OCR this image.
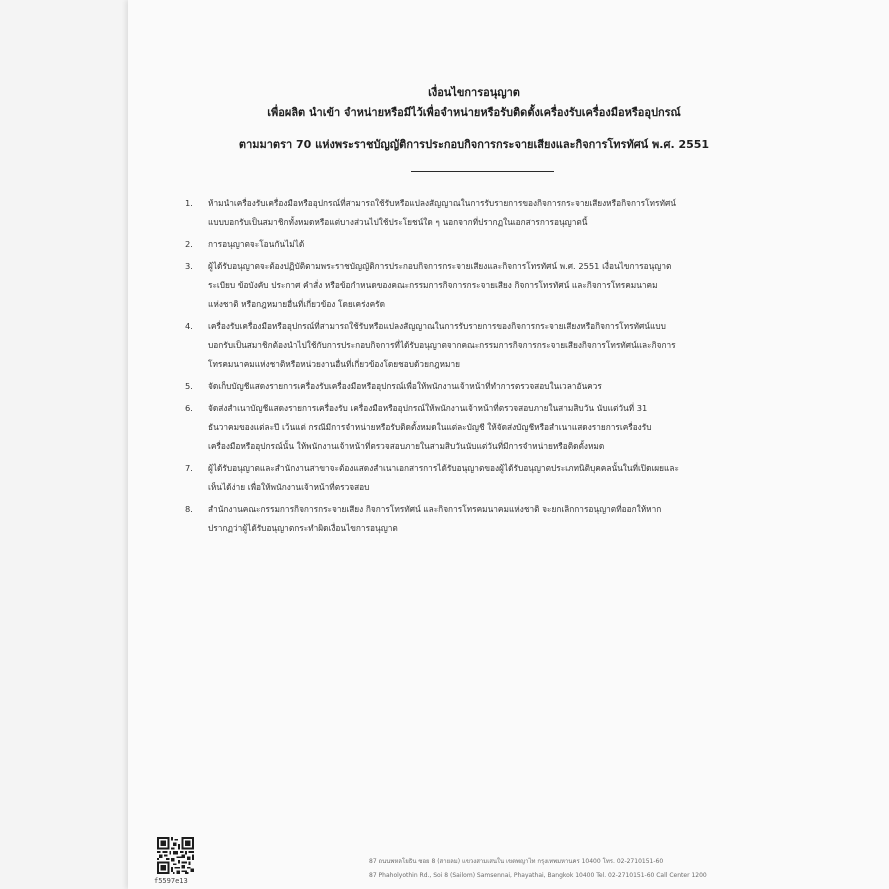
เงื่อนไขการอนุญาต
เพื่อผลิต นำเข้า จำหน่ายหรือมีไว้เพื่อจำหน่ายหรือรับติดตั้งเครื่องรับเครื่องมือหรืออุปกรณ์
ตามมาตรา 70 แห่งพระราชบัญญัติการประกอบกิจการกระจายเสียงและกิจการโทรทัศน์ พ.ศ. 2551
1. ห้ามนำเครื่องรับเครื่องมือหรืออุปกรณ์ที่สามารถใช้รับหรือแปลงสัญญาณในการรับรายการของกิจการกระจายเสียงหรือกิจการโทรทัศน์
แบบบอกรับเป็นสมาชิกทั้งหมดหรือแต่บางส่วนไปใช้ประโยชน์ใด ๆ นอกจากที่ปรากฏในเอกสารการอนุญาตนี้
2. การอนุญาตจะโอนกันไม่ได้
3. ผู้ได้รับอนุญาตจะต้องปฏิบัติตามพระราชบัญญัติการประกอบกิจการกระจายเสียงและกิจการโทรทัศน์ พ.ศ. 2551 เงื่อนไขการอนุญาต
ระเบียบ ข้อบังคับ ประกาศ คำสั่ง หรือข้อกำหนดของคณะกรรมการกิจการกระจายเสียง กิจการโทรทัศน์ และกิจการโทรคมนาคม
แห่งชาติ หรือกฎหมายอื่นที่เกี่ยวข้อง โดยเคร่งครัด
4. เครื่องรับเครื่องมือหรืออุปกรณ์ที่สามารถใช้รับหรือแปลงสัญญาณในการรับรายการของกิจการกระจายเสียงหรือกิจการโทรทัศน์แบบ
บอกรับเป็นสมาชิกต้องนำไปใช้กับการประกอบกิจการที่ได้รับอนุญาตจากคณะกรรมการกิจการกระจายเสียงกิจการโทรทัศน์และกิจการ
โทรคมนาคมแห่งชาติหรือหน่วยงานอื่นที่เกี่ยวข้องโดยชอบด้วยกฎหมาย
5. จัดเก็บบัญชีแสดงรายการเครื่องรับเครื่องมือหรืออุปกรณ์เพื่อให้พนักงานเจ้าหน้าที่ทำการตรวจสอบในเวลาอันควร
6. จัดส่งสำเนาบัญชีแสดงรายการเครื่องรับ เครื่องมือหรืออุปกรณ์ให้พนักงานเจ้าหน้าที่ตรวจสอบภายในสามสิบวัน นับแต่วันที่ 31
ธันวาคมของแต่ละปี เว้นแต่ กรณีมีการจำหน่ายหรือรับติดตั้งหมดในแต่ละบัญชี ให้จัดส่งบัญชีหรือสำเนาแสดงรายการเครื่องรับ
เครื่องมือหรืออุปกรณ์นั้น ให้พนักงานเจ้าหน้าที่ตรวจสอบภายในสามสิบวันนับแต่วันที่มีการจำหน่ายหรือติดตั้งหมด
7. ผู้ได้รับอนุญาตและสำนักงานสาขาจะต้องแสดงสำเนาเอกสารการได้รับอนุญาตของผู้ได้รับอนุญาตประเภทนิติบุคคลนั้นในที่เปิดเผยและ
เห็นได้ง่าย เพื่อให้พนักงานเจ้าหน้าที่ตรวจสอบ
8. สำนักงานคณะกรรมการกิจการกระจายเสียง กิจการโทรทัศน์ และกิจการโทรคมนาคมแห่งชาติ จะยกเลิกการอนุญาตที่ออกให้หาก
ปรากฏว่าผู้ได้รับอนุญาตกระทำผิดเงื่อนไขการอนุญาต
f5597e13
87 ถนนพหลโยธิน ซอย 8 (สายลม) แขวงสามเสนใน เขตพญาไท กรุงเทพมหานคร 10400 โทร. 02-2710151-60
87 Phaholyothin Rd., Soi 8 (Sailom) Samsennai, Phayathai, Bangkok 10400 Tel. 02-2710151-60 Call Center 1200
